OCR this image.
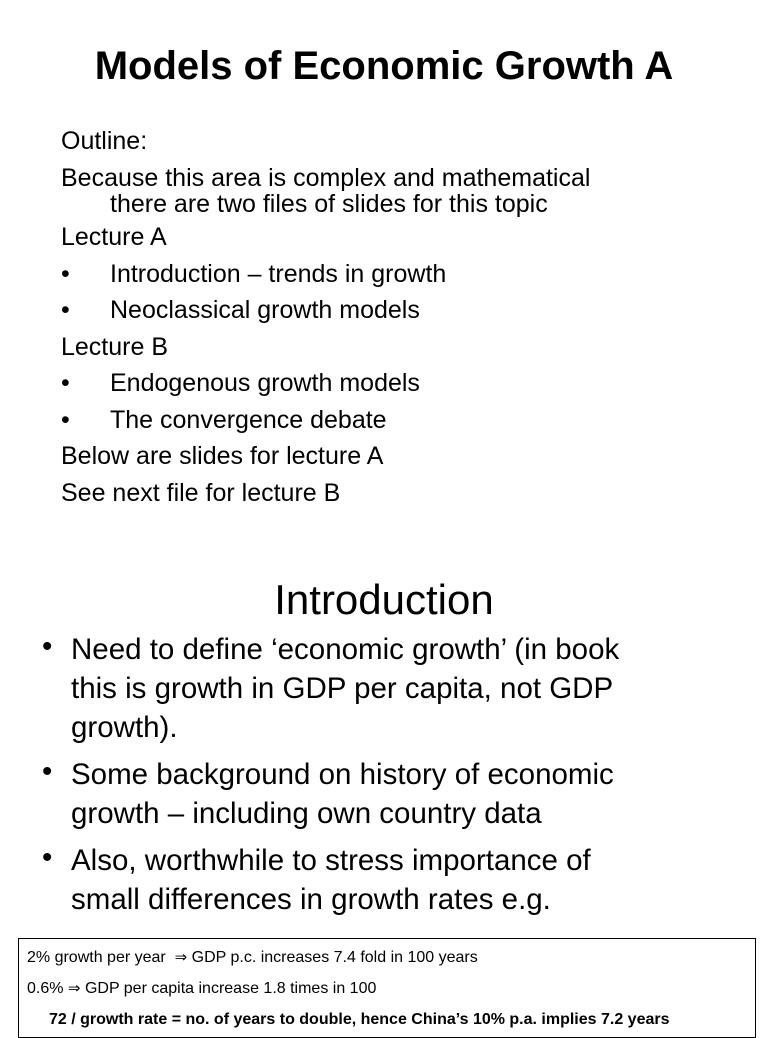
Models of Economic Growth A
Outline:
Because this area is complex and mathematical
there are two files of slides for this topic
Lecture A
• Introduction – trends in growth
• Neoclassical growth models
Lecture B
• Endogenous growth models
• The convergence debate
Below are slides for lecture A
See next file for lecture B
Introduction
• Need to define ‘economic growth’ (in book
this is growth in GDP per capita, not GDP
growth).
• Some background on history of economic
growth – including own country data
• Also, worthwhile to stress importance of
small differences in growth rates e.g.
2% growth per year ⇒ GDP p.c. increases 7.4 fold in 100 years
0.6% ⇒ GDP per capita increase 1.8 times in 100
72 / growth rate = no. of years to double, hence China’s 10% p.a. implies 7.2 years
